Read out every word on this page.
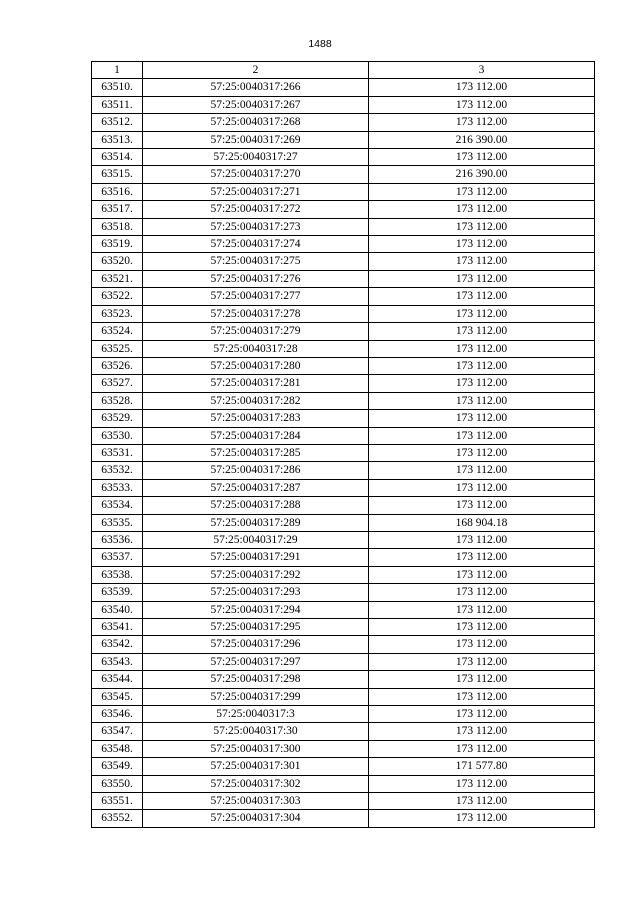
1488
1	2	3
63510.	57:25:0040317:266	173 112.00
63511.	57:25:0040317:267	173 112.00
63512.	57:25:0040317:268	173 112.00
63513.	57:25:0040317:269	216 390.00
63514.	57:25:0040317:27	173 112.00
63515.	57:25:0040317:270	216 390.00
63516.	57:25:0040317:271	173 112.00
63517.	57:25:0040317:272	173 112.00
63518.	57:25:0040317:273	173 112.00
63519.	57:25:0040317:274	173 112.00
63520.	57:25:0040317:275	173 112.00
63521.	57:25:0040317:276	173 112.00
63522.	57:25:0040317:277	173 112.00
63523.	57:25:0040317:278	173 112.00
63524.	57:25:0040317:279	173 112.00
63525.	57:25:0040317:28	173 112.00
63526.	57:25:0040317:280	173 112.00
63527.	57:25:0040317:281	173 112.00
63528.	57:25:0040317:282	173 112.00
63529.	57:25:0040317:283	173 112.00
63530.	57:25:0040317:284	173 112.00
63531.	57:25:0040317:285	173 112.00
63532.	57:25:0040317:286	173 112.00
63533.	57:25:0040317:287	173 112.00
63534.	57:25:0040317:288	173 112.00
63535.	57:25:0040317:289	168 904.18
63536.	57:25:0040317:29	173 112.00
63537.	57:25:0040317:291	173 112.00
63538.	57:25:0040317:292	173 112.00
63539.	57:25:0040317:293	173 112.00
63540.	57:25:0040317:294	173 112.00
63541.	57:25:0040317:295	173 112.00
63542.	57:25:0040317:296	173 112.00
63543.	57:25:0040317:297	173 112.00
63544.	57:25:0040317:298	173 112.00
63545.	57:25:0040317:299	173 112.00
63546.	57:25:0040317:3	173 112.00
63547.	57:25:0040317:30	173 112.00
63548.	57:25:0040317:300	173 112.00
63549.	57:25:0040317:301	171 577.80
63550.	57:25:0040317:302	173 112.00
63551.	57:25:0040317:303	173 112.00
63552.	57:25:0040317:304	173 112.00
